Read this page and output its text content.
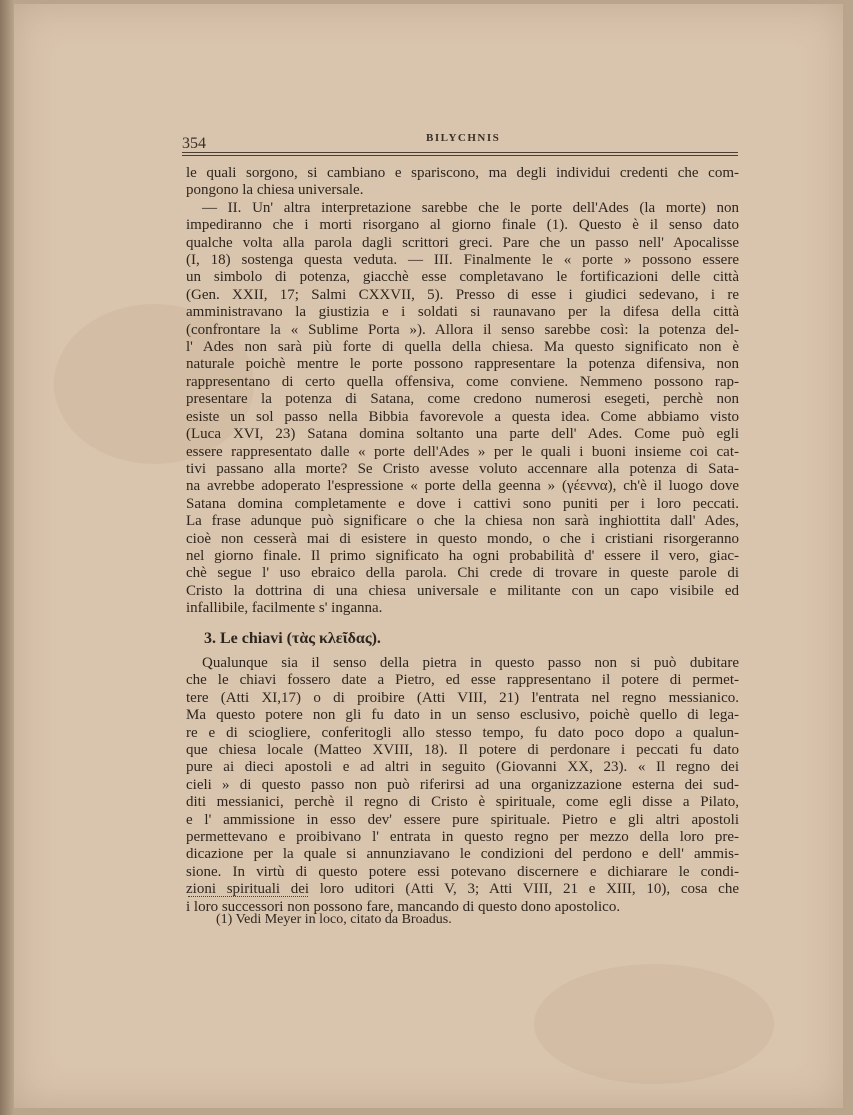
354	BILYCHNIS
le quali sorgono, si cambiano e spariscono, ma degli individui credenti che com-
pongono la chiesa universale.
— II. Un' altra interpretazione sarebbe che le porte dell'Ades (la morte) non
impediranno che i morti risorgano al giorno finale (1). Questo è il senso dato
qualche volta alla parola dagli scrittori greci. Pare che un passo nell' Apocalisse
(I, 18) sostenga questa veduta. — III. Finalmente le « porte » possono essere
un simbolo di potenza, giacchè esse completavano le fortificazioni delle città
(Gen. XXII, 17; Salmi CXXVII, 5). Presso di esse i giudici sedevano, i re
amministravano la giustizia e i soldati si raunavano per la difesa della città
(confrontare la « Sublime Porta »). Allora il senso sarebbe così: la potenza del-
l' Ades non sarà più forte di quella della chiesa. Ma questo significato non è
naturale poichè mentre le porte possono rappresentare la potenza difensiva, non
rappresentano di certo quella offensiva, come conviene. Nemmeno possono rap-
presentare la potenza di Satana, come credono numerosi esegeti, perchè non
esiste un sol passo nella Bibbia favorevole a questa idea. Come abbiamo visto
(Luca XVI, 23) Satana domina soltanto una parte dell' Ades. Come può egli
essere rappresentato dalle « porte dell'Ades » per le quali i buoni insieme coi cat-
tivi passano alla morte? Se Cristo avesse voluto accennare alla potenza di Sata-
na avrebbe adoperato l'espressione « porte della geenna » (γέεννα), ch'è il luogo dove
Satana domina completamente e dove i cattivi sono puniti per i loro peccati.
La frase adunque può significare o che la chiesa non sarà inghiottita dall' Ades,
cioè non cesserà mai di esistere in questo mondo, o che i cristiani risorgeranno
nel giorno finale. Il primo significato ha ogni probabilità d' essere il vero, giac-
chè segue l' uso ebraico della parola. Chi crede di trovare in queste parole di
Cristo la dottrina di una chiesa universale e militante con un capo visibile ed
infallibile, facilmente s' inganna.
3. Le chiavi (τὰς κλεῖδας).
Qualunque sia il senso della pietra in questo passo non si può dubitare
che le chiavi fossero date a Pietro, ed esse rappresentano il potere di permet-
tere (Atti XI,17) o di proibire (Atti VIII, 21) l'entrata nel regno messianico.
Ma questo potere non gli fu dato in un senso esclusivo, poichè quello di lega-
re e di sciogliere, conferitogli allo stesso tempo, fu dato poco dopo a qualun-
que chiesa locale (Matteo XVIII, 18). Il potere di perdonare i peccati fu dato
pure ai dieci apostoli e ad altri in seguito (Giovanni XX, 23). « Il regno dei
cieli » di questo passo non può riferirsi ad una organizzazione esterna dei sud-
diti messianici, perchè il regno di Cristo è spirituale, come egli disse a Pilato,
e l' ammissione in esso dev' essere pure spirituale. Pietro e gli altri apostoli
permettevano e proibivano l' entrata in questo regno per mezzo della loro pre-
dicazione per la quale si annunziavano le condizioni del perdono e dell' ammis-
sione. In virtù di questo potere essi potevano discernere e dichiarare le condi-
zioni spirituali dei loro uditori (Atti V, 3; Atti VIII, 21 e XIII, 10), cosa che
i loro successori non possono fare, mancando di questo dono apostolico.
(1) Vedi Meyer in loco, citato da Broadus.
